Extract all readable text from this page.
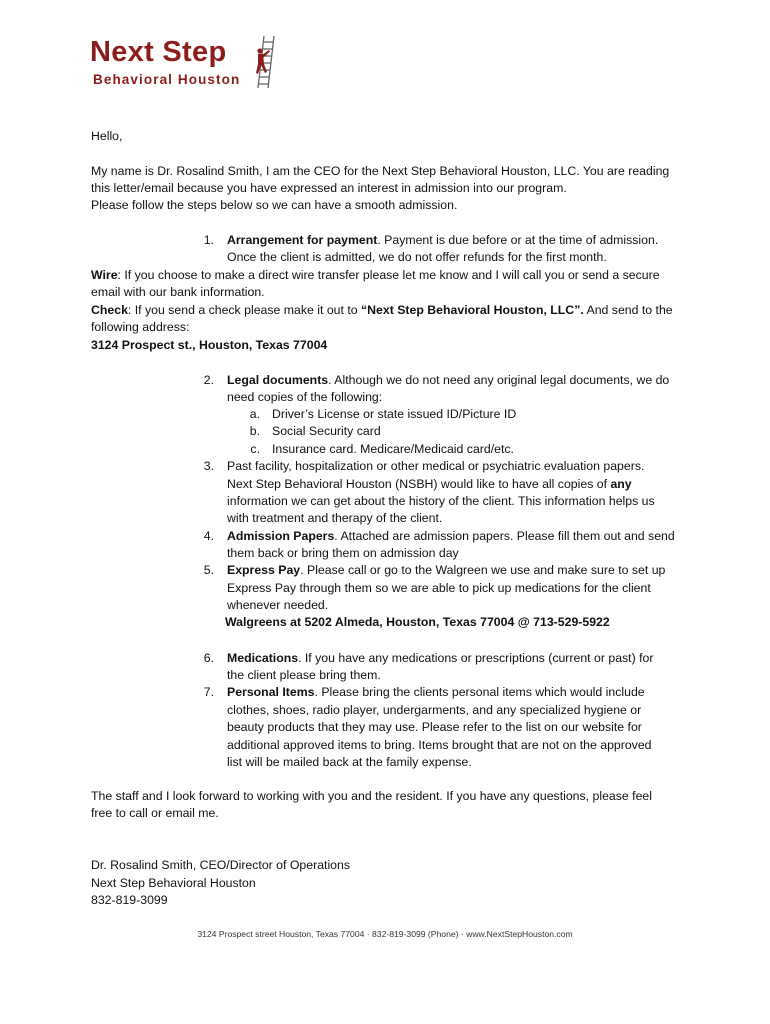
Next Step
Behavioral Houston
Hello,
My name is Dr. Rosalind Smith, I am the CEO for the Next Step Behavioral Houston, LLC. You are reading
this letter/email because you have expressed an interest in admission into our program.
Please follow the steps below so we can have a smooth admission.
1. Arrangement for payment. Payment is due before or at the time of admission.
Once the client is admitted, we do not offer refunds for the first month.
Wire: If you choose to make a direct wire transfer please let me know and I will call you or send a secure
email with our bank information.
Check: If you send a check please make it out to “Next Step Behavioral Houston, LLC”. And send to the
following address:
3124 Prospect st., Houston, Texas 77004
2. Legal documents. Although we do not need any original legal documents, we do
need copies of the following:
a. Driver’s License or state issued ID/Picture ID
b. Social Security card
c. Insurance card. Medicare/Medicaid card/etc.
3. Past facility, hospitalization or other medical or psychiatric evaluation papers.
Next Step Behavioral Houston (NSBH) would like to have all copies of any
information we can get about the history of the client. This information helps us
with treatment and therapy of the client.
4. Admission Papers. Attached are admission papers. Please fill them out and send
them back or bring them on admission day
5. Express Pay. Please call or go to the Walgreen we use and make sure to set up
Express Pay through them so we are able to pick up medications for the client
whenever needed.
Walgreens at 5202 Almeda, Houston, Texas 77004 @ 713-529-5922
6. Medications. If you have any medications or prescriptions (current or past) for
the client please bring them.
7. Personal Items. Please bring the clients personal items which would include
clothes, shoes, radio player, undergarments, and any specialized hygiene or
beauty products that they may use. Please refer to the list on our website for
additional approved items to bring. Items brought that are not on the approved
list will be mailed back at the family expense.
The staff and I look forward to working with you and the resident. If you have any questions, please feel
free to call or email me.
Dr. Rosalind Smith, CEO/Director of Operations
Next Step Behavioral Houston
832-819-3099
3124 Prospect street Houston, Texas 77004 · 832-819-3099 (Phone) · www.NextStepHouston.com
